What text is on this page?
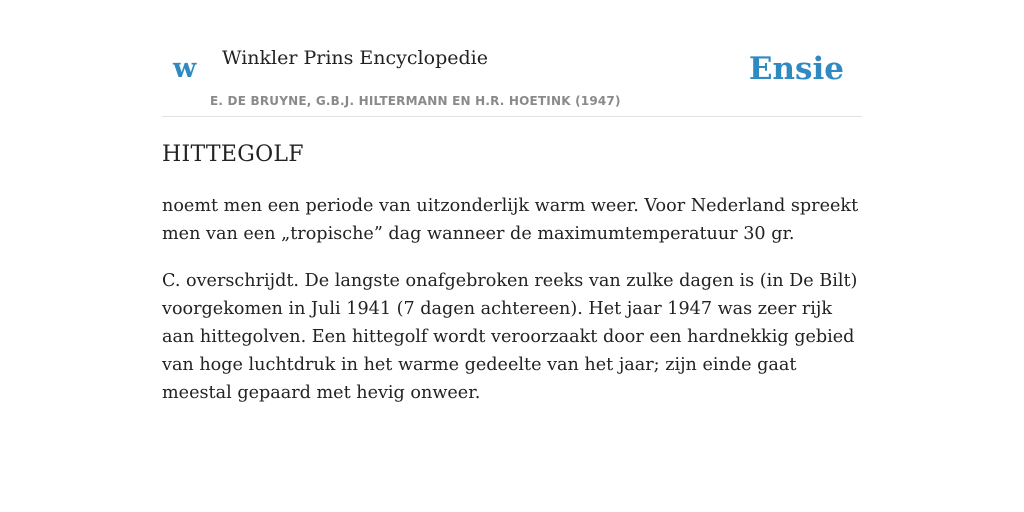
w Winkler Prins Encyclopedie
E. DE BRUYNE, G.B.J. HILTERMANN EN H.R. HOETINK (1947)
Ensie
HITTEGOLF

noemt men een periode van uitzonderlijk warm weer. Voor Nederland spreekt men van een „tropische” dag wanneer de maximumtemperatuur 30 gr.

C. overschrijdt. De langste onafgebroken reeks van zulke dagen is (in De Bilt) voorgekomen in Juli 1941 (7 dagen achtereen). Het jaar 1947 was zeer rijk aan hittegolven. Een hittegolf wordt veroorzaakt door een hardnekkig gebied van hoge luchtdruk in het warme gedeelte van het jaar; zijn einde gaat meestal gepaard met hevig onweer.
